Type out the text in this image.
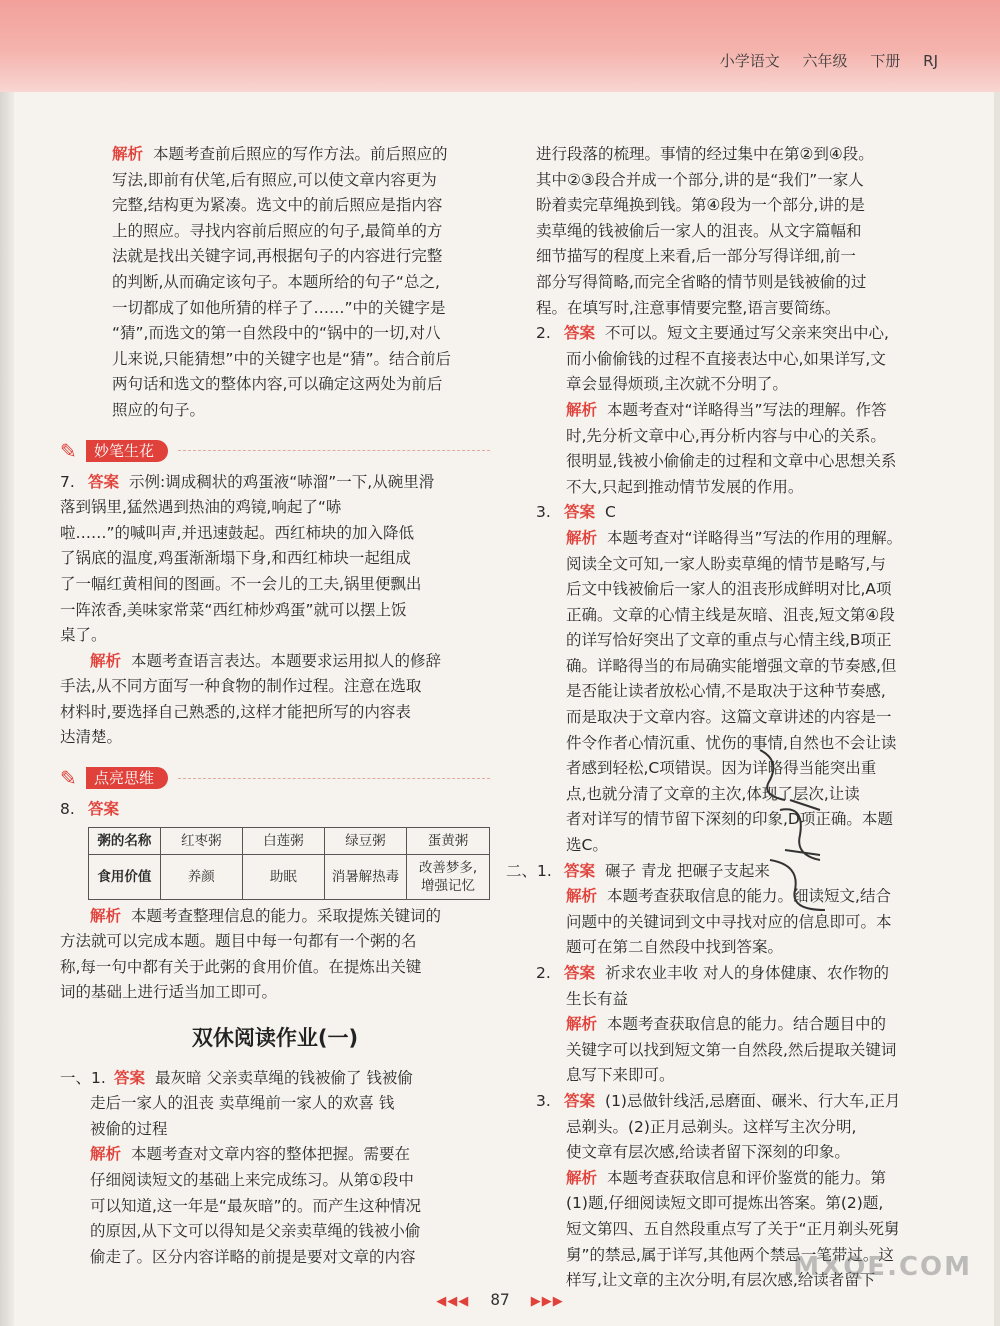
小学语文 六年级 下册 RJ

解析 本题考查前后照应的写作方法。前后照应的

写法,即前有伏笔,后有照应,可以使文章内容更为

完整,结构更为紧凑。选文中的前后照应是指内容

上的照应。寻找内容前后照应的句子,最简单的方

法就是找出关键字词,再根据句子的内容进行完整

的判断,从而确定该句子。本题所给的句子“总之,

一切都成了如他所猜的样子了……”中的关键字是

“猜”,而选文的第一自然段中的“锅中的一切,对八

儿来说,只能猜想”中的关键字也是“猜”。结合前后

两句话和选文的整体内容,可以确定这两处为前后

照应的句子。

✎	妙笔生花

7. 答案 示例:调成稠状的鸡蛋液“哧溜”一下,从碗里滑

落到锅里,猛然遇到热油的鸡镜,响起了“哧

啦……”的喊叫声,并迅速鼓起。西红柿块的加入降低

了锅底的温度,鸡蛋渐渐塌下身,和西红柿块一起组成

了一幅红黄相间的图画。不一会儿的工夫,锅里便飘出

一阵浓香,美味家常菜“西红柿炒鸡蛋”就可以摆上饭

桌了。

解析 本题考查语言表达。本题要求运用拟人的修辞

手法,从不同方面写一种食物的制作过程。注意在选取

材料时,要选择自己熟悉的,这样才能把所写的内容表

达清楚。

✎	点亮思维

8. 答案

粥的名称	红枣粥	白莲粥	绿豆粥	蛋黄粥
食用价值	养颜	助眠	消暑解热毒	改善梦多,
增强记忆

解析 本题考查整理信息的能力。采取提炼关键词的

方法就可以完成本题。题目中每一句都有一个粥的名

称,每一句中都有关于此粥的食用价值。在提炼出关键

词的基础上进行适当加工即可。

双休阅读作业(一)

一、1. 答案 最灰暗 父亲卖草绳的钱被偷了 钱被偷

走后一家人的沮丧 卖草绳前一家人的欢喜 钱

被偷的过程

解析 本题考查对文章内容的整体把握。需要在

仔细阅读短文的基础上来完成练习。从第①段中

可以知道,这一年是“最灰暗”的。而产生这种情况

的原因,从下文可以得知是父亲卖草绳的钱被小偷

偷走了。区分内容详略的前提是要对文章的内容

进行段落的梳理。事情的经过集中在第②到④段。

其中②③段合并成一个部分,讲的是“我们”一家人

盼着卖完草绳换到钱。第④段为一个部分,讲的是

卖草绳的钱被偷后一家人的沮丧。从文字篇幅和

细节描写的程度上来看,后一部分写得详细,前一

部分写得简略,而完全省略的情节则是钱被偷的过

程。在填写时,注意事情要完整,语言要简练。

2. 答案 不可以。短文主要通过写父亲来突出中心,

而小偷偷钱的过程不直接表达中心,如果详写,文

章会显得烦琐,主次就不分明了。

解析 本题考查对“详略得当”写法的理解。作答

时,先分析文章中心,再分析内容与中心的关系。

很明显,钱被小偷偷走的过程和文章中心思想关系

不大,只起到推动情节发展的作用。

3. 答案 C

解析 本题考查对“详略得当”写法的作用的理解。

阅读全文可知,一家人盼卖草绳的情节是略写,与

后文中钱被偷后一家人的沮丧形成鲜明对比,A项

正确。文章的心情主线是灰暗、沮丧,短文第④段

的详写恰好突出了文章的重点与心情主线,B项正

确。详略得当的布局确实能增强文章的节奏感,但

是否能让读者放松心情,不是取决于这种节奏感,

而是取决于文章内容。这篇文章讲述的内容是一

件令作者心情沉重、忧伤的事情,自然也不会让读

者感到轻松,C项错误。因为详略得当能突出重

点,也就分清了文章的主次,体现了层次,让读

者对详写的情节留下深刻的印象,D项正确。本题

选C。

二、1. 答案 碾子 青龙 把碾子支起来

解析 本题考查获取信息的能力。细读短文,结合

问题中的关键词到文中寻找对应的信息即可。本

题可在第二自然段中找到答案。

2. 答案 祈求农业丰收 对人的身体健康、农作物的

生长有益

解析 本题考查获取信息的能力。结合题目中的

关键字可以找到短文第一自然段,然后提取关键词

息写下来即可。

3. 答案 (1)忌做针线活,忌磨面、碾米、行大车,正月

忌剃头。(2)正月忌剃头。这样写主次分明,

使文章有层次感,给读者留下深刻的印象。

解析 本题考查获取信息和评价鉴赏的能力。第

(1)题,仔细阅读短文即可提炼出答案。第(2)题,

短文第四、五自然段重点写了关于“正月剃头死舅

舅”的禁忌,属于详写,其他两个禁忌一笔带过。这

样写,让文章的主次分明,有层次感,给读者留下

◀◀◀ 87 ▶▶▶
MXQE.COM
